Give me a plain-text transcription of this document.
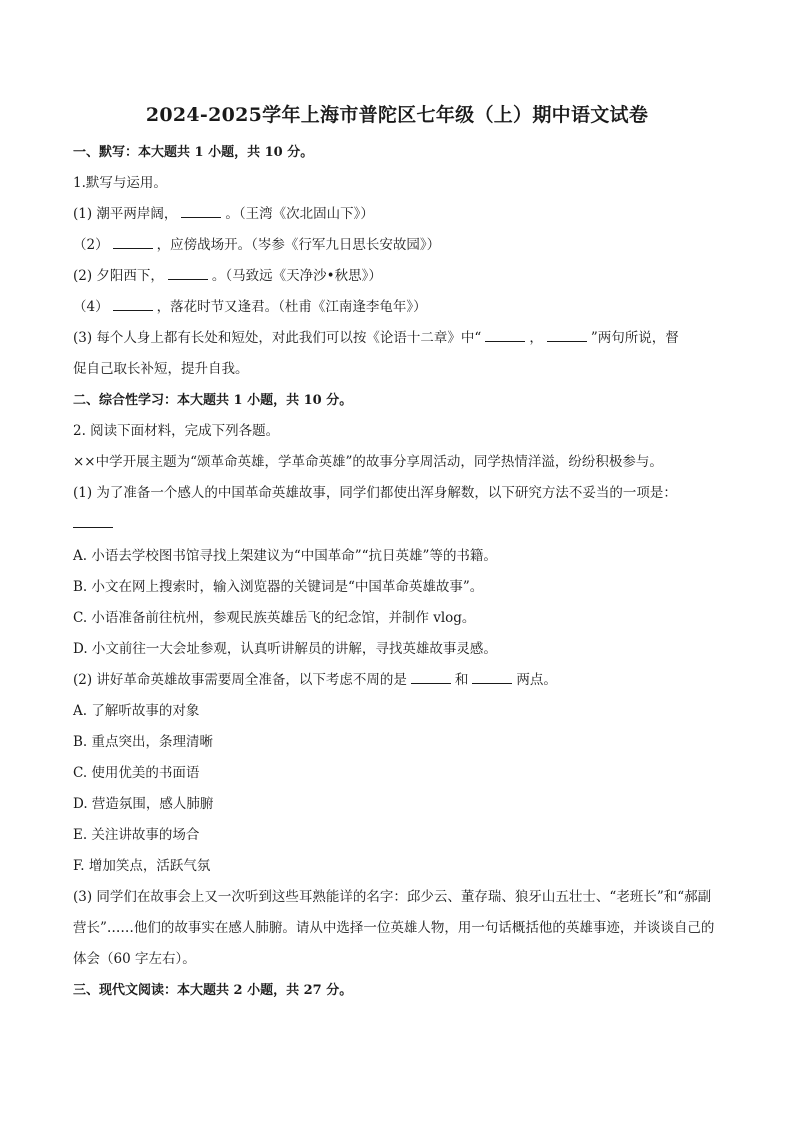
2024-2025学年上海市普陀区七年级（上）期中语文试卷
一、默写：本大题共 1 小题，共 10 分。
1.默写与运用。
(1) 潮平两岸阔，	。（王湾《次北固山下》）
（2）	，应傍战场开。（岑参《行军九日思长安故园》）
(2) 夕阳西下，	。（马致远《天净沙•秋思》）
（4）	，落花时节又逢君。（杜甫《江南逢李龟年》）
(3) 每个人身上都有长处和短处，对此我们可以按《论语十二章》中“	，	”两句所说，督
促自己取长补短，提升自我。
二、综合性学习：本大题共 1 小题，共 10 分。
2. 阅读下面材料，完成下列各题。
××中学开展主题为“颂革命英雄，学革命英雄”的故事分享周活动，同学热情洋溢，纷纷积极参与。
(1) 为了准备一个感人的中国革命英雄故事，同学们都使出浑身解数，以下研究方法不妥当的一项是：
A. 小语去学校图书馆寻找上架建议为“中国革命”“抗日英雄”等的书籍。
B. 小文在网上搜索时，输入浏览器的关键词是“中国革命英雄故事”。
C. 小语准备前往杭州，参观民族英雄岳飞的纪念馆，并制作 vlog。
D. 小文前往一大会址参观，认真听讲解员的讲解，寻找英雄故事灵感。
(2) 讲好革命英雄故事需要周全准备，以下考虑不周的是	和	两点。
A. 了解听故事的对象
B. 重点突出，条理清晰
C. 使用优美的书面语
D. 营造氛围，感人肺腑
E. 关注讲故事的场合
F. 增加笑点，活跃气氛
(3) 同学们在故事会上又一次听到这些耳熟能详的名字：邱少云、董存瑞、狼牙山五壮士、“老班长”和“郝副营长”……他们的故事实在感人肺腑。请从中选择一位英雄人物，用一句话概括他的英雄事迹，并谈谈自己的体会（60 字左右）。
三、现代文阅读：本大题共 2 小题，共 27 分。
